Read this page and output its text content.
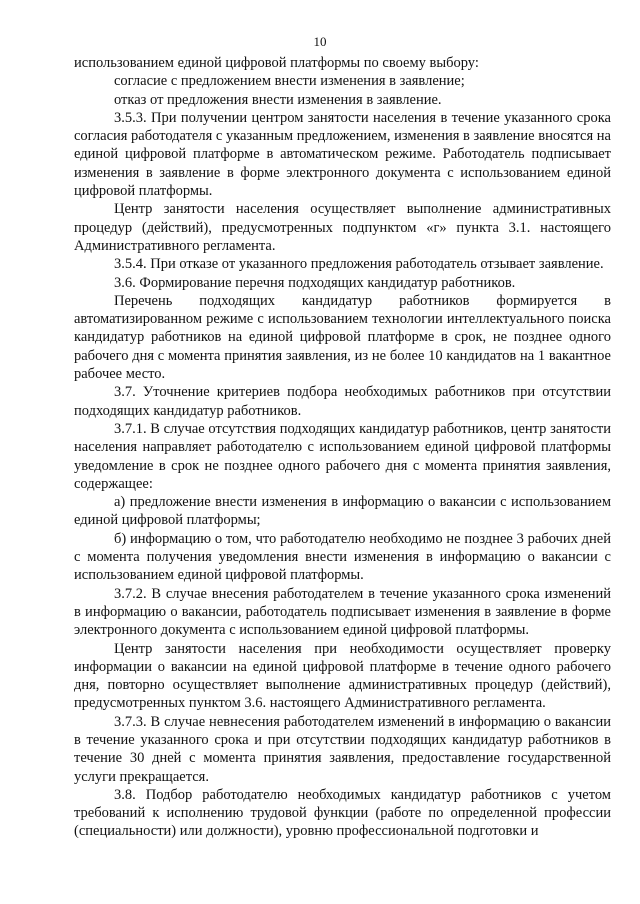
10

использованием единой цифровой платформы по своему выбору:

согласие с предложением внести изменения в заявление;

отказ от предложения внести изменения в заявление.

3.5.3. При получении центром занятости населения в течение указанного срока согласия работодателя с указанным предложением, изменения в заявление вносятся на единой цифровой платформе в автоматическом режиме. Работодатель подписывает изменения в заявление в форме электронного документа с использованием единой цифровой платформы.

Центр занятости населения осуществляет выполнение административных процедур (действий), предусмотренных подпунктом «г» пункта 3.1. настоящего Административного регламента.

3.5.4. При отказе от указанного предложения работодатель отзывает заявление.

3.6. Формирование перечня подходящих кандидатур работников.

Перечень подходящих кандидатур работников формируется в автоматизированном режиме с использованием технологии интеллектуального поиска кандидатур работников на единой цифровой платформе в срок, не позднее одного рабочего дня с момента принятия заявления, из не более 10 кандидатов на 1 вакантное рабочее место.

3.7. Уточнение критериев подбора необходимых работников при отсутствии подходящих кандидатур работников.

3.7.1. В случае отсутствия подходящих кандидатур работников, центр занятости населения направляет работодателю с использованием единой цифровой платформы уведомление в срок не позднее одного рабочего дня с момента принятия заявления, содержащее:

а) предложение внести изменения в информацию о вакансии с использованием единой цифровой платформы;

б) информацию о том, что работодателю необходимо не позднее 3 рабочих дней с момента получения уведомления внести изменения в информацию о вакансии с использованием единой цифровой платформы.

3.7.2. В случае внесения работодателем в течение указанного срока изменений в информацию о вакансии, работодатель подписывает изменения в заявление в форме электронного документа с использованием единой цифровой платформы.

Центр занятости населения при необходимости осуществляет проверку информации о вакансии на единой цифровой платформе в течение одного рабочего дня, повторно осуществляет выполнение административных процедур (действий), предусмотренных пунктом 3.6. настоящего Административного регламента.

3.7.3. В случае невнесения работодателем изменений в информацию о вакансии в течение указанного срока и при отсутствии подходящих кандидатур работников в течение 30 дней с момента принятия заявления, предоставление государственной услуги прекращается.

3.8. Подбор работодателю необходимых кандидатур работников с учетом требований к исполнению трудовой функции (работе по определенной профессии (специальности) или должности), уровню профессиональной подготовки и
